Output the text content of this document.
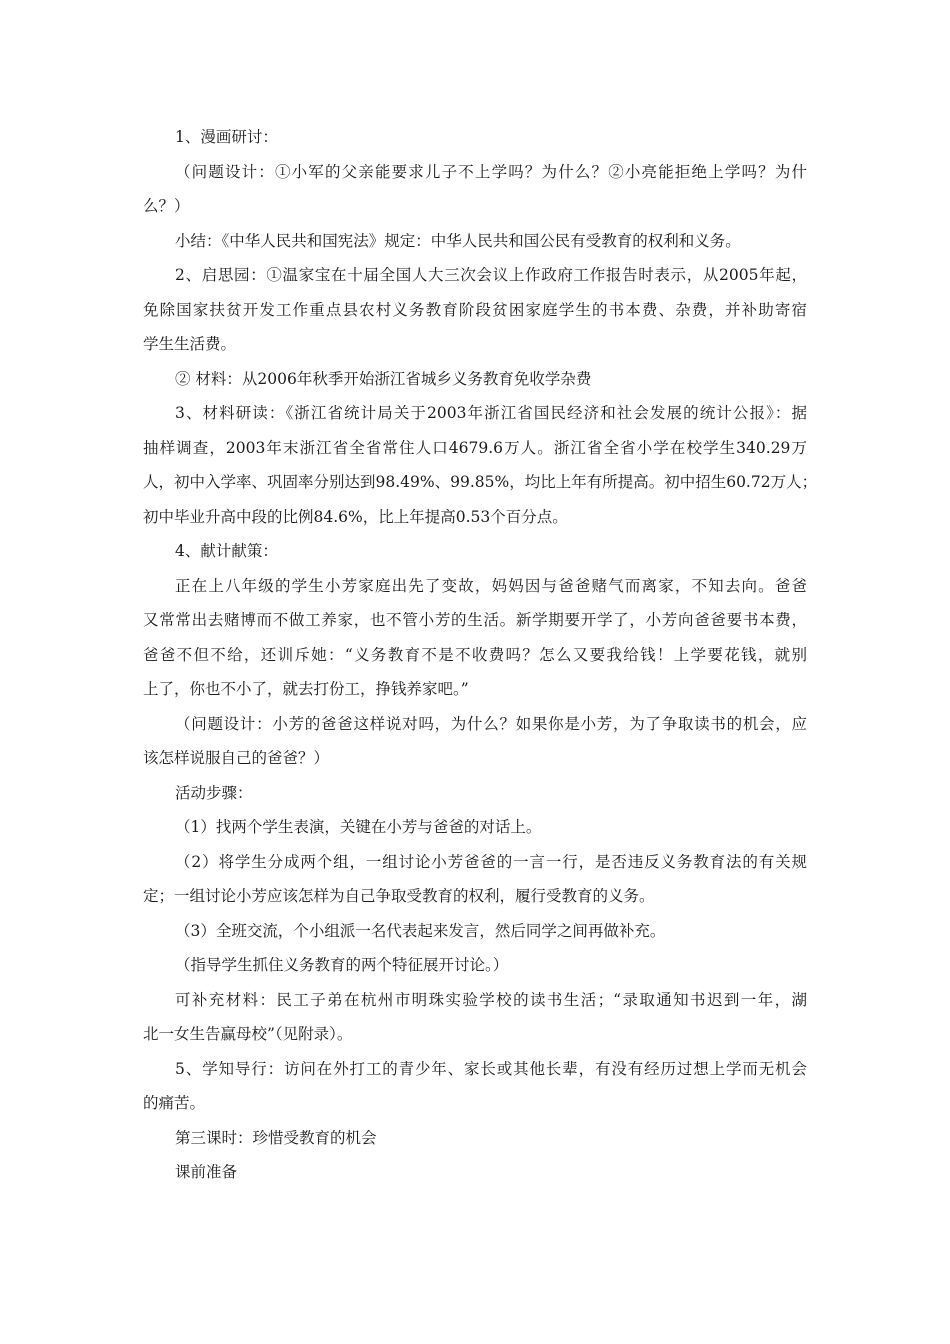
1、漫画研讨：
（问题设计：①小军的父亲能要求儿子不上学吗？为什么？②小亮能拒绝上学吗？为什
么？）
小结：《中华人民共和国宪法》规定：中华人民共和国公民有受教育的权利和义务。
2、启思园：①温家宝在十届全国人大三次会议上作政府工作报告时表示，从2005年起，
免除国家扶贫开发工作重点县农村义务教育阶段贫困家庭学生的书本费、杂费，并补助寄宿
学生生活费。
② 材料：从2006年秋季开始浙江省城乡义务教育免收学杂费
3、材料研读：《浙江省统计局关于2003年浙江省国民经济和社会发展的统计公报》：据
抽样调查，2003年末浙江省全省常住人口4679.6万人。浙江省全省小学在校学生340.29万
人，初中入学率、巩固率分别达到98.49%、99.85%，均比上年有所提高。初中招生60.72万人；
初中毕业升高中段的比例84.6%，比上年提高0.53个百分点。
4、献计献策：
正在上八年级的学生小芳家庭出先了变故，妈妈因与爸爸赌气而离家，不知去向。爸爸
又常常出去赌博而不做工养家，也不管小芳的生活。新学期要开学了，小芳向爸爸要书本费，
爸爸不但不给，还训斥她：“义务教育不是不收费吗？怎么又要我给钱！上学要花钱，就别
上了，你也不小了，就去打份工，挣钱养家吧。”
（问题设计：小芳的爸爸这样说对吗，为什么？如果你是小芳，为了争取读书的机会，应
该怎样说服自己的爸爸？）
活动步骤：
（1）找两个学生表演，关键在小芳与爸爸的对话上。
（2）将学生分成两个组，一组讨论小芳爸爸的一言一行，是否违反义务教育法的有关规
定；一组讨论小芳应该怎样为自己争取受教育的权利，履行受教育的义务。
（3）全班交流，个小组派一名代表起来发言，然后同学之间再做补充。
（指导学生抓住义务教育的两个特征展开讨论。）
可补充材料：民工子弟在杭州市明珠实验学校的读书生活；“录取通知书迟到一年，湖
北一女生告赢母校”（见附录）。
5、学知导行：访问在外打工的青少年、家长或其他长辈，有没有经历过想上学而无机会
的痛苦。
第三课时：珍惜受教育的机会
课前准备
